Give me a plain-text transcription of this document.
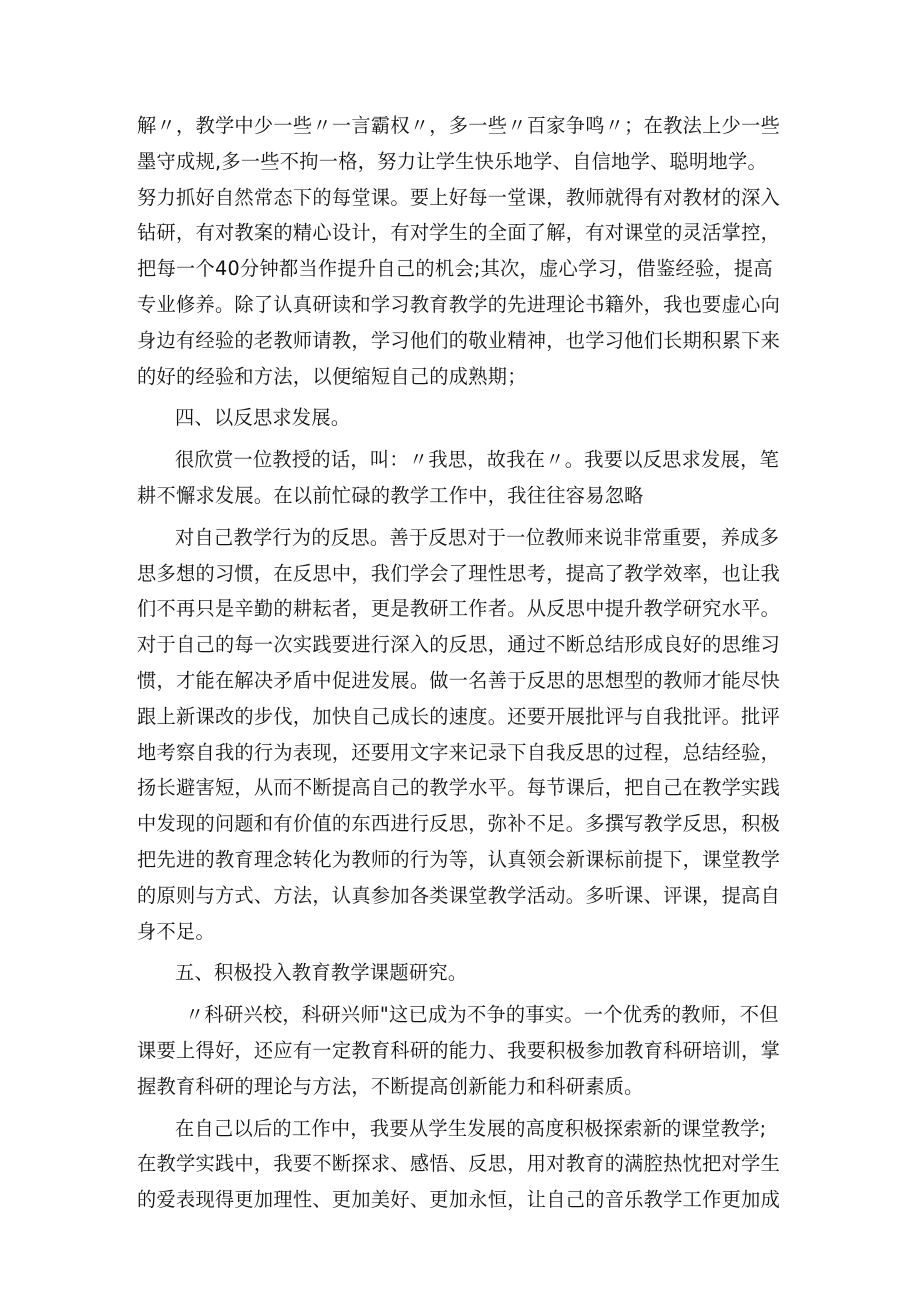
解〃，教学中少一些〃一言霸权〃，多一些〃百家争鸣〃；在教法上少一些
墨守成规,多一些不拘一格，努力让学生快乐地学、自信地学、聪明地学。
努力抓好自然常态下的每堂课。要上好每一堂课，教师就得有对教材的深入
钻研，有对教案的精心设计，有对学生的全面了解，有对课堂的灵活掌控，
把每一个40分钟都当作提升自己的机会;其次，虚心学习，借鉴经验，提高
专业修养。除了认真研读和学习教育教学的先进理论书籍外，我也要虚心向
身边有经验的老教师请教，学习他们的敬业精神，也学习他们长期积累下来
的好的经验和方法，以便缩短自己的成熟期；

四、以反思求发展。

很欣赏一位教授的话，叫：〃我思，故我在〃。我要以反思求发展，笔
耕不懈求发展。在以前忙碌的教学工作中，我往往容易忽略

对自己教学行为的反思。善于反思对于一位教师来说非常重要，养成多
思多想的习惯，在反思中，我们学会了理性思考，提高了教学效率，也让我
们不再只是辛勤的耕耘者，更是教研工作者。从反思中提升教学研究水平。
对于自己的每一次实践要进行深入的反思，通过不断总结形成良好的思维习
惯，才能在解决矛盾中促进发展。做一名善于反思的思想型的教师才能尽快
跟上新课改的步伐，加快自己成长的速度。还要开展批评与自我批评。批评
地考察自我的行为表现，还要用文字来记录下自我反思的过程，总结经验，
扬长避害短，从而不断提高自己的教学水平。每节课后，把自己在教学实践
中发现的问题和有价值的东西进行反思，弥补不足。多撰写教学反思，积极
把先进的教育理念转化为教师的行为等，认真领会新课标前提下，课堂教学
的原则与方式、方法，认真参加各类课堂教学活动。多听课、评课，提高自
身不足。

五、积极投入教育教学课题研究。

〃科研兴校，科研兴师"这已成为不争的事实。一个优秀的教师，不但
课要上得好，还应有一定教育科研的能力、我要积极参加教育科研培训，掌
握教育科研的理论与方法，不断提高创新能力和科研素质。

在自己以后的工作中，我要从学生发展的高度积极探索新的课堂教学;
在教学实践中，我要不断探求、感悟、反思，用对教育的满腔热忱把对学生
的爱表现得更加理性、更加美好、更加永恒，让自己的音乐教学工作更加成
